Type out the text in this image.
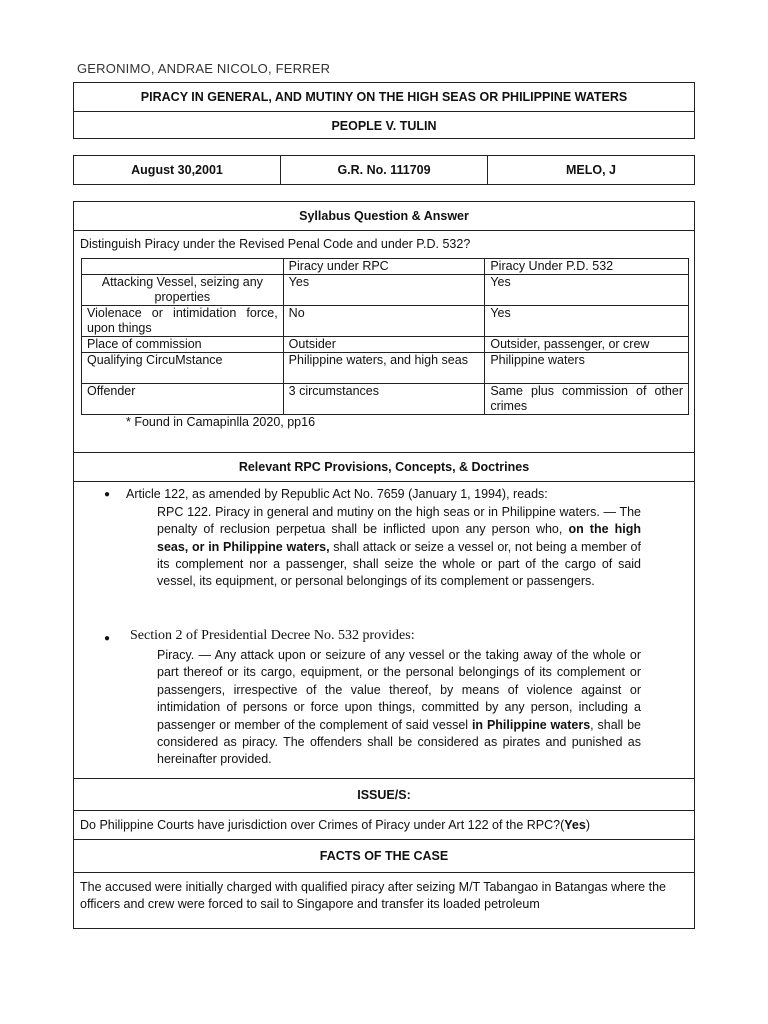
GERONIMO, ANDRAE NICOLO, FERRER
PIRACY IN GENERAL, AND MUTINY ON THE HIGH SEAS OR PHILIPPINE WATERS
PEOPLE V. TULIN
August 30,2001	G.R. No. 111709	MELO, J
Syllabus Question & Answer
Distinguish Piracy under the Revised Penal Code and under P.D. 532?
	Piracy under RPC	Piracy Under P.D. 532
Attacking Vessel, seizing any properties	Yes	Yes
Violenace or intimidation force, upon things	No	Yes
Place of commission	Outsider	Outsider, passenger, or crew
Qualifying CircuMstance	Philippine waters, and high seas	Philippine waters
Offender	3 circumstances	Same plus commission of other crimes
* Found in Camapinlla 2020, pp16
Relevant RPC Provisions, Concepts, & Doctrines
● Article 122, as amended by Republic Act No. 7659 (January 1, 1994), reads:
RPC 122. Piracy in general and mutiny on the high seas or in Philippine waters. — The penalty of reclusion perpetua shall be inflicted upon any person who, on the high seas, or in Philippine waters, shall attack or seize a vessel or, not being a member of its complement nor a passenger, shall seize the whole or part of the cargo of said vessel, its equipment, or personal belongings of its complement or passengers.
● Section 2 of Presidential Decree No. 532 provides:
Piracy. — Any attack upon or seizure of any vessel or the taking away of the whole or part thereof or its cargo, equipment, or the personal belongings of its complement or passengers, irrespective of the value thereof, by means of violence against or intimidation of persons or force upon things, committed by any person, including a passenger or member of the complement of said vessel in Philippine waters, shall be considered as piracy. The offenders shall be considered as pirates and punished as hereinafter provided.
ISSUE/S:
Do Philippine Courts have jurisdiction over Crimes of Piracy under Art 122 of the RPC?(Yes)
FACTS OF THE CASE
The accused were initially charged with qualified piracy after seizing M/T Tabangao in Batangas where the officers and crew were forced to sail to Singapore and transfer its loaded petroleum
